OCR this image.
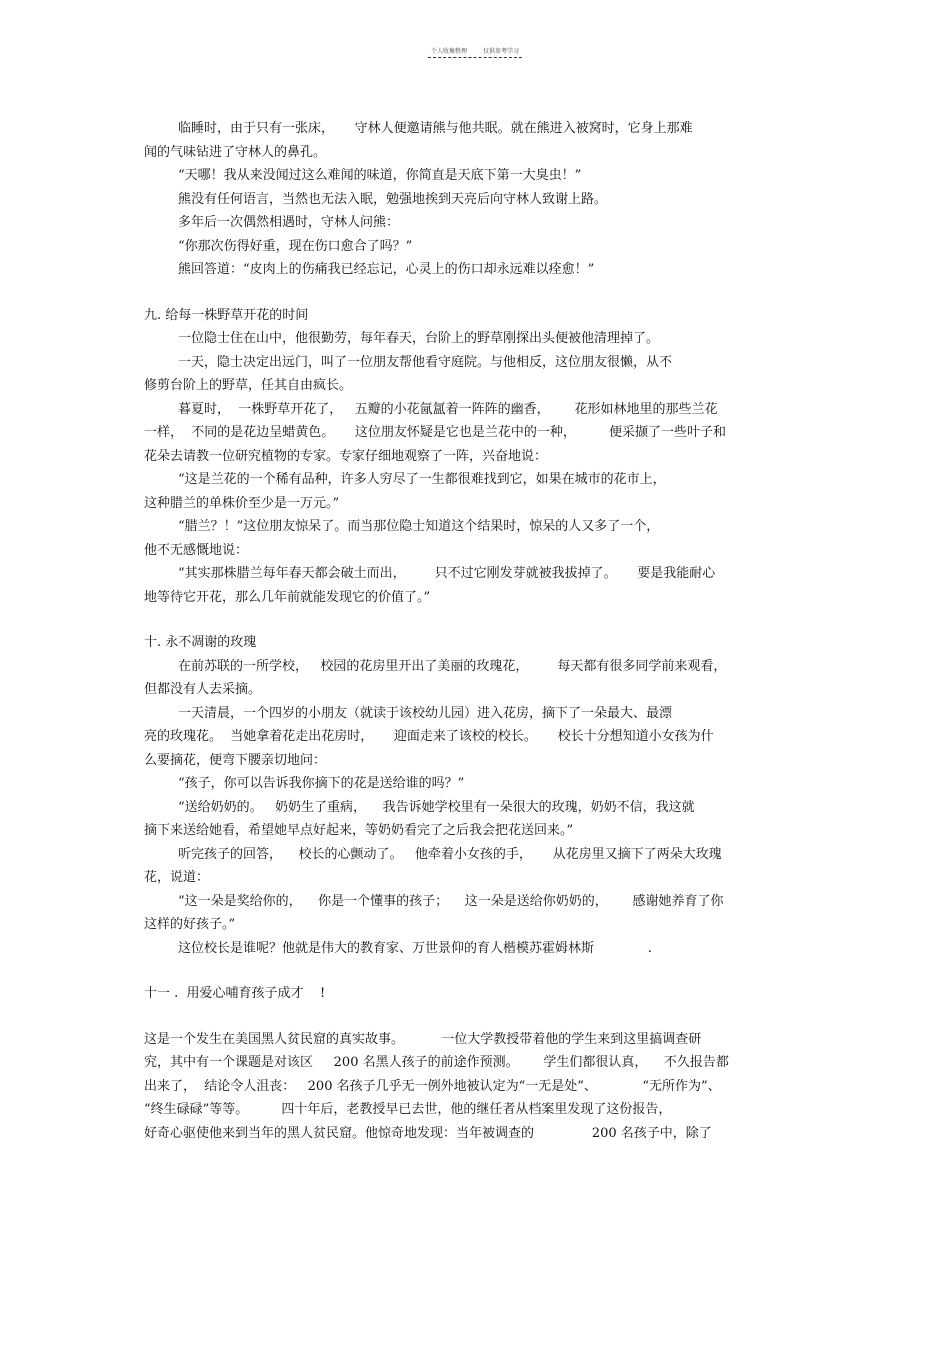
个人收集整理	仅供参考学习
临睡时，由于只有一张床，     守林人便邀请熊与他共眠。就在熊进入被窝时，它身上那难
闻的气味钻进了守林人的鼻孔。
“天哪！我从来没闻过这么难闻的味道，你简直是天底下第一大臭虫！”
熊没有任何语言，当然也无法入眠，勉强地挨到天亮后向守林人致谢上路。
多年后一次偶然相遇时，守林人问熊：
“你那次伤得好重，现在伤口愈合了吗？”
熊回答道：“皮肉上的伤痛我已经忘记，心灵上的伤口却永远难以痊愈！”
九. 给每一株野草开花的时间
一位隐士住在山中，他很勤劳，每年春天，台阶上的野草刚探出头便被他清理掉了。
一天，隐士决定出远门，叫了一位朋友帮他看守庭院。与他相反，这位朋友很懒，从不
修剪台阶上的野草，任其自由疯长。
暮夏时，  一株野草开花了，   五瓣的小花氤氲着一阵阵的幽香，      花形如林地里的那些兰花
一样，  不同的是花边呈蜡黄色。     这位朋友怀疑是它也是兰花中的一种，        便采撷了一些叶子和
花朵去请教一位研究植物的专家。专家仔细地观察了一阵，兴奋地说：
“这是兰花的一个稀有品种，许多人穷尽了一生都很难找到它，如果在城市的花市上，
这种腊兰的单株价至少是一万元。”
“腊兰？！”这位朋友惊呆了。而当那位隐士知道这个结果时，惊呆的人又多了一个，
他不无感慨地说：
“其实那株腊兰每年春天都会破土而出，       只不过它刚发芽就被我拔掉了。     要是我能耐心
地等待它开花，那么几年前就能发现它的价值了。”
十. 永不凋谢的玫瑰
在前苏联的一所学校，   校园的花房里开出了美丽的玫瑰花，       每天都有很多同学前来观看，
但都没有人去采摘。
一天清晨，一个四岁的小朋友（就读于该校幼儿园）进入花房，摘下了一朵最大、最漂
亮的玫瑰花。  当她拿着花走出花房时，     迎面走来了该校的校长。     校长十分想知道小女孩为什
么要摘花，便弯下腰亲切地问：
“孩子，你可以告诉我你摘下的花是送给谁的吗？”
“送给奶奶的。   奶奶生了重病，    我告诉她学校里有一朵很大的玫瑰，奶奶不信，我这就
摘下来送给她看，希望她早点好起来，等奶奶看完了之后我会把花送回来。”
听完孩子的回答，    校长的心颤动了。   他牵着小女孩的手，     从花房里又摘下了两朵大玫瑰
花，说道：
“这一朵是奖给你的，    你是一个懂事的孩子；    这一朵是送给你奶奶的，      感谢她养育了你
这样的好孩子。”
这位校长是谁呢？他就是伟大的教育家、万世景仰的育人楷模苏霍姆林斯             .
十一 .  用爱心哺育孩子成才    !
这是一个发生在美国黑人贫民窟的真实故事。         一位大学教授带着他的学生来到这里搞调查研
究，其中有一个课题是对该区     200 名黑人孩子的前途作预测。      学生们都很认真，    不久报告都
出来了，  结论令人沮丧：   200 名孩子几乎无一例外地被认定为“一无是处”、           “无所作为”、
“终生碌碌”等等。        四十年后，老教授早已去世，他的继任者从档案里发现了这份报告，
好奇心驱使他来到当年的黑人贫民窟。他惊奇地发现：当年被调查的              200 名孩子中，除了
